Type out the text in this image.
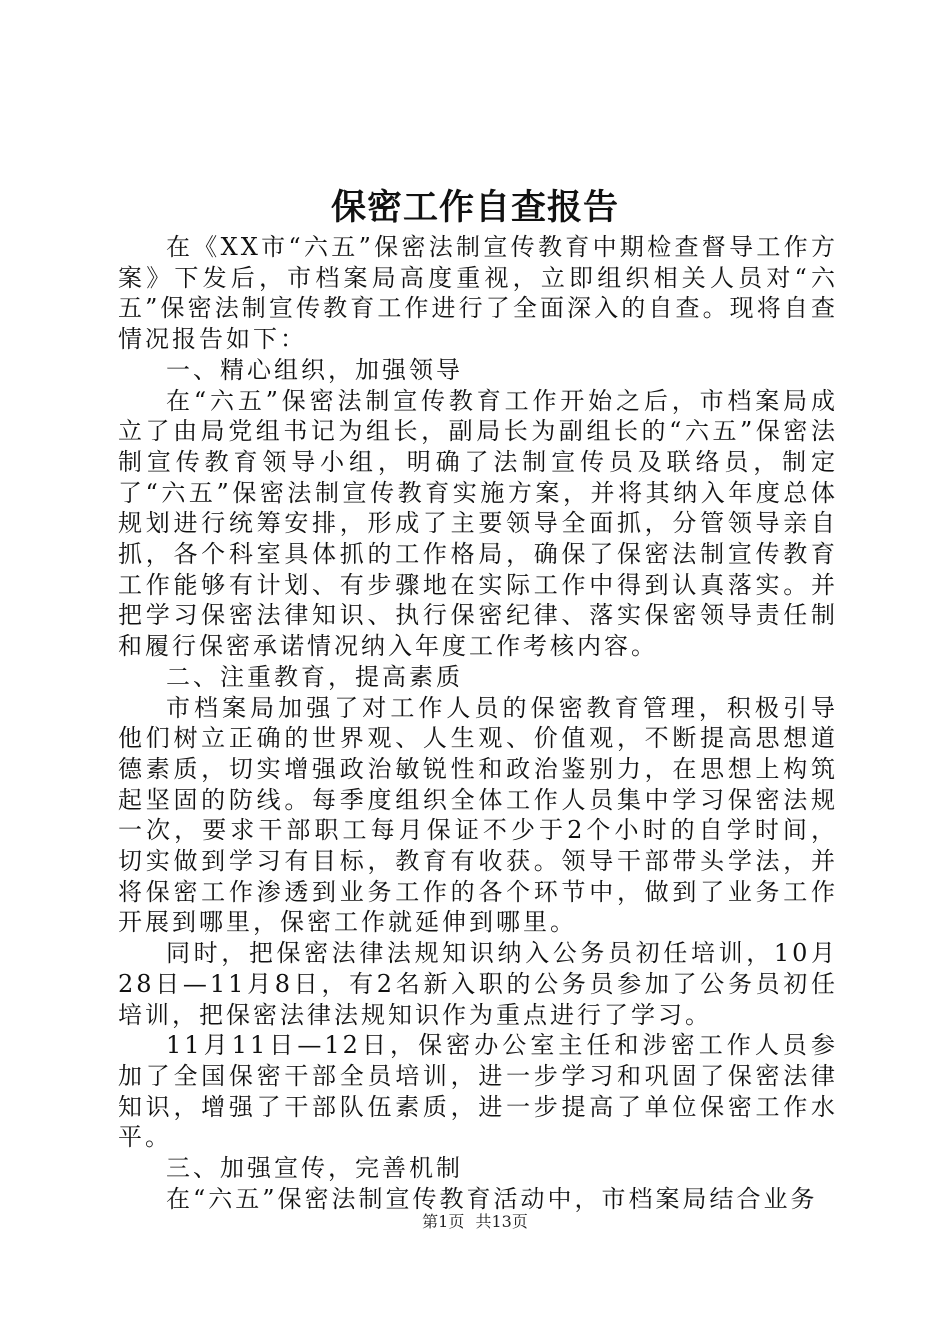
保密工作自查报告

在《XX市“六五”保密法制宣传教育中期检查督导工作方案》下发后，市档案局高度重视，立即组织相关人员对“六五”保密法制宣传教育工作进行了全面深入的自查。现将自查情况报告如下：

一、精心组织，加强领导

在“六五”保密法制宣传教育工作开始之后，市档案局成立了由局党组书记为组长，副局长为副组长的“六五”保密法制宣传教育领导小组，明确了法制宣传员及联络员，制定了“六五”保密法制宣传教育实施方案，并将其纳入年度总体规划进行统筹安排，形成了主要领导全面抓，分管领导亲自抓，各个科室具体抓的工作格局，确保了保密法制宣传教育工作能够有计划、有步骤地在实际工作中得到认真落实。并把学习保密法律知识、执行保密纪律、落实保密领导责任制和履行保密承诺情况纳入年度工作考核内容。

二、注重教育，提高素质

市档案局加强了对工作人员的保密教育管理，积极引导他们树立正确的世界观、人生观、价值观，不断提高思想道德素质，切实增强政治敏锐性和政治鉴别力，在思想上构筑起坚固的防线。每季度组织全体工作人员集中学习保密法规一次，要求干部职工每月保证不少于2个小时的自学时间，切实做到学习有目标，教育有收获。领导干部带头学法，并将保密工作渗透到业务工作的各个环节中，做到了业务工作开展到哪里，保密工作就延伸到哪里。

同时，把保密法律法规知识纳入公务员初任培训，10月28日—11月8日，有2名新入职的公务员参加了公务员初任培训，把保密法律法规知识作为重点进行了学习。

11月11日—12日，保密办公室主任和涉密工作人员参加了全国保密干部全员培训，进一步学习和巩固了保密法律知识，增强了干部队伍素质，进一步提高了单位保密工作水平。

三、加强宣传，完善机制

在“六五”保密法制宣传教育活动中，市档案局结合业务

第1页 共13页
